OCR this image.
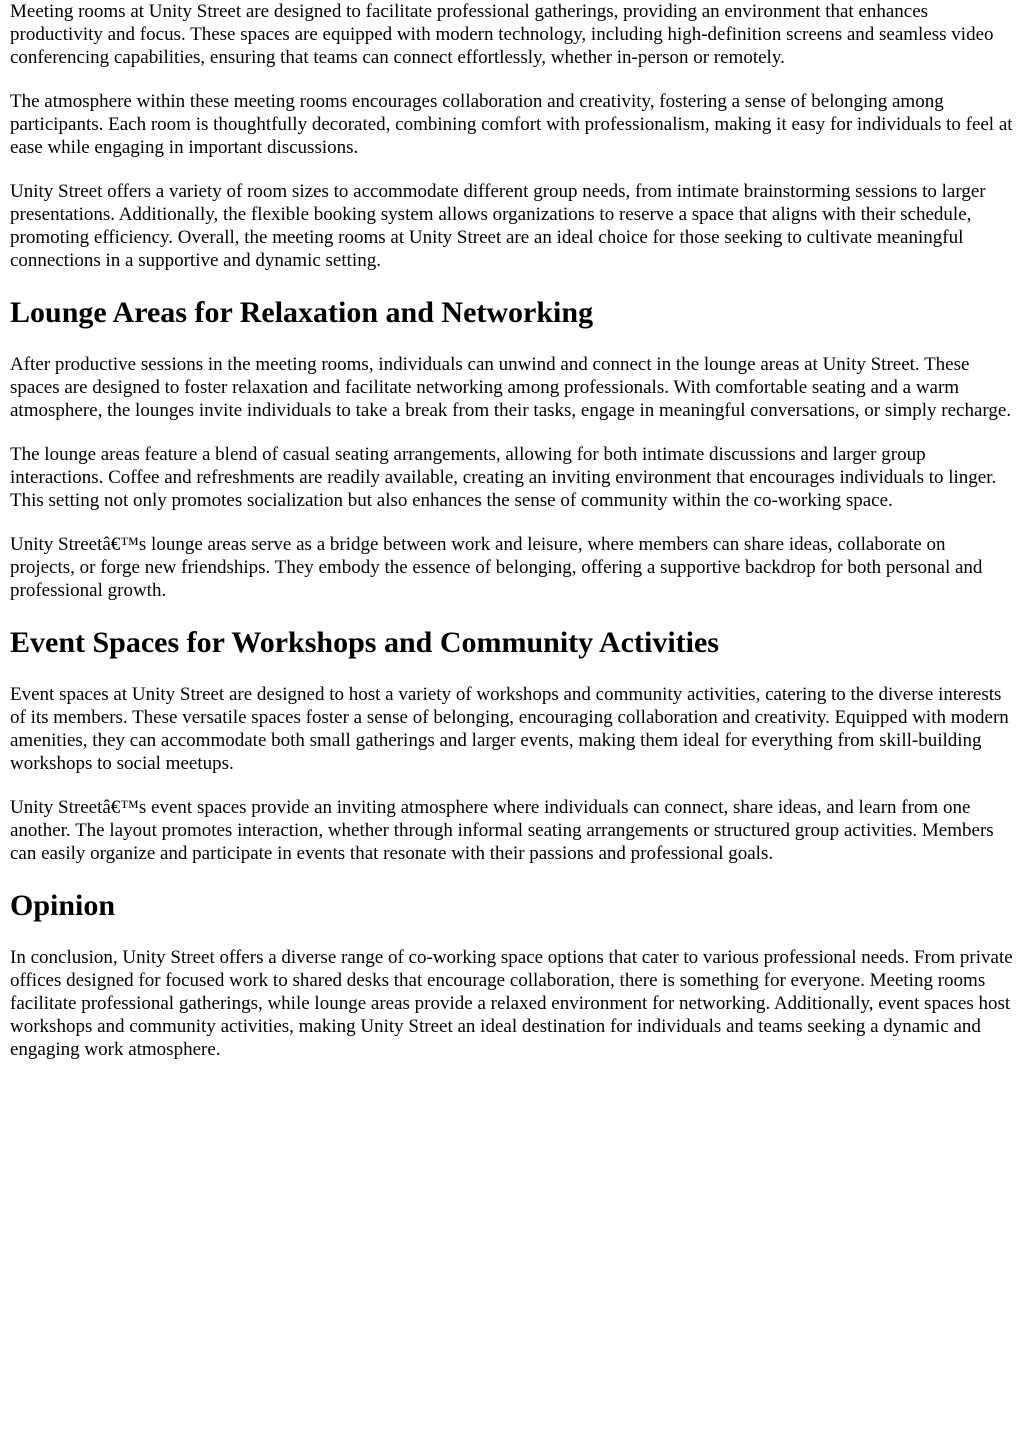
Meeting rooms at Unity Street are designed to facilitate professional gatherings, providing an environment that enhances productivity and focus. These spaces are equipped with modern technology, including high-definition screens and seamless video conferencing capabilities, ensuring that teams can connect effortlessly, whether in-person or remotely.

The atmosphere within these meeting rooms encourages collaboration and creativity, fostering a sense of belonging among participants. Each room is thoughtfully decorated, combining comfort with professionalism, making it easy for individuals to feel at ease while engaging in important discussions.

Unity Street offers a variety of room sizes to accommodate different group needs, from intimate brainstorming sessions to larger presentations. Additionally, the flexible booking system allows organizations to reserve a space that aligns with their schedule, promoting efficiency. Overall, the meeting rooms at Unity Street are an ideal choice for those seeking to cultivate meaningful connections in a supportive and dynamic setting.

Lounge Areas for Relaxation and Networking

After productive sessions in the meeting rooms, individuals can unwind and connect in the lounge areas at Unity Street. These spaces are designed to foster relaxation and facilitate networking among professionals. With comfortable seating and a warm atmosphere, the lounges invite individuals to take a break from their tasks, engage in meaningful conversations, or simply recharge.

The lounge areas feature a blend of casual seating arrangements, allowing for both intimate discussions and larger group interactions. Coffee and refreshments are readily available, creating an inviting environment that encourages individuals to linger. This setting not only promotes socialization but also enhances the sense of community within the co-working space.

Unity Streetâ€™s lounge areas serve as a bridge between work and leisure, where members can share ideas, collaborate on projects, or forge new friendships. They embody the essence of belonging, offering a supportive backdrop for both personal and professional growth.

Event Spaces for Workshops and Community Activities

Event spaces at Unity Street are designed to host a variety of workshops and community activities, catering to the diverse interests of its members. These versatile spaces foster a sense of belonging, encouraging collaboration and creativity. Equipped with modern amenities, they can accommodate both small gatherings and larger events, making them ideal for everything from skill-building workshops to social meetups.

Unity Streetâ€™s event spaces provide an inviting atmosphere where individuals can connect, share ideas, and learn from one another. The layout promotes interaction, whether through informal seating arrangements or structured group activities. Members can easily organize and participate in events that resonate with their passions and professional goals.

Opinion

In conclusion, Unity Street offers a diverse range of co-working space options that cater to various professional needs. From private offices designed for focused work to shared desks that encourage collaboration, there is something for everyone. Meeting rooms facilitate professional gatherings, while lounge areas provide a relaxed environment for networking. Additionally, event spaces host workshops and community activities, making Unity Street an ideal destination for individuals and teams seeking a dynamic and engaging work atmosphere.
